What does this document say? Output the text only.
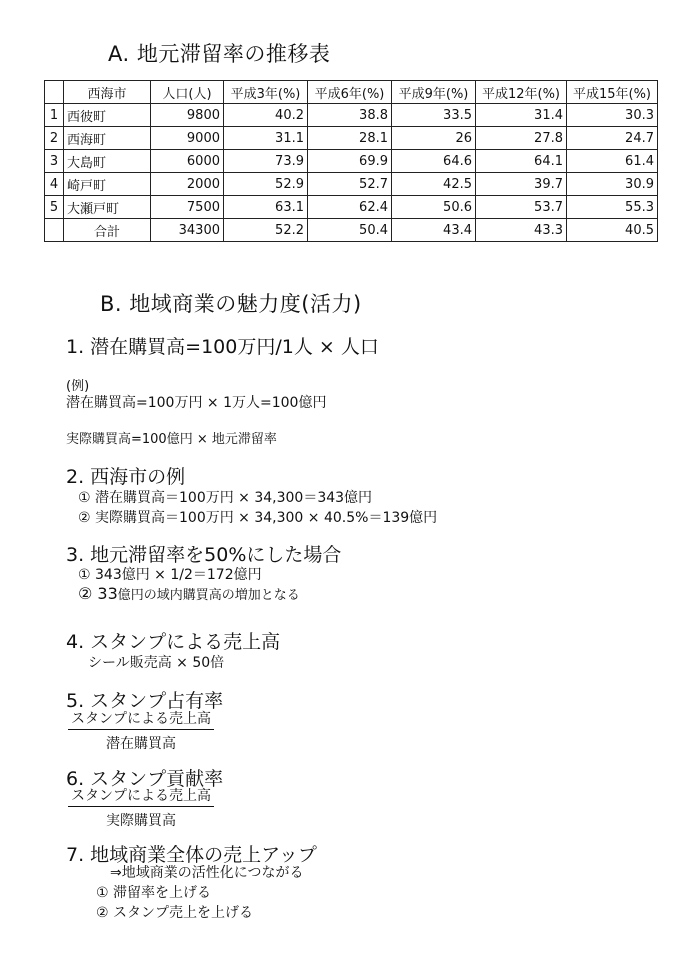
A. 地元滞留率の推移表
	西海市	人口(人)	平成3年(%)	平成6年(%)	平成9年(%)	平成12年(%)	平成15年(%)
1	西彼町	9800	40.2	38.8	33.5	31.4	30.3
2	西海町	9000	31.1	28.1	26	27.8	24.7
3	大島町	6000	73.9	69.9	64.6	64.1	61.4
4	崎戸町	2000	52.9	52.7	42.5	39.7	30.9
5	大瀬戸町	7500	63.1	62.4	50.6	53.7	55.3
	合計	34300	52.2	50.4	43.4	43.3	40.5
B. 地域商業の魅力度(活力)
1. 潜在購買高=100万円/1人 × 人口
(例)
潜在購買高=100万円 × 1万人=100億円
実際購買高=100億円 × 地元滞留率
2. 西海市の例
① 潜在購買高＝100万円 × 34,300＝343億円
② 実際購買高＝100万円 × 34,300 × 40.5%＝139億円
3. 地元滞留率を50%にした場合
① 343億円 × 1/2＝172億円
② 33億円の域内購買高の増加となる
4. スタンプによる売上高
シール販売高 × 50倍
5. スタンプ占有率
スタンプによる売上高
潜在購買高
6. スタンプ貢献率
スタンプによる売上高
実際購買高
7. 地域商業全体の売上アップ
⇒地域商業の活性化につながる
① 滞留率を上げる
② スタンプ売上を上げる
